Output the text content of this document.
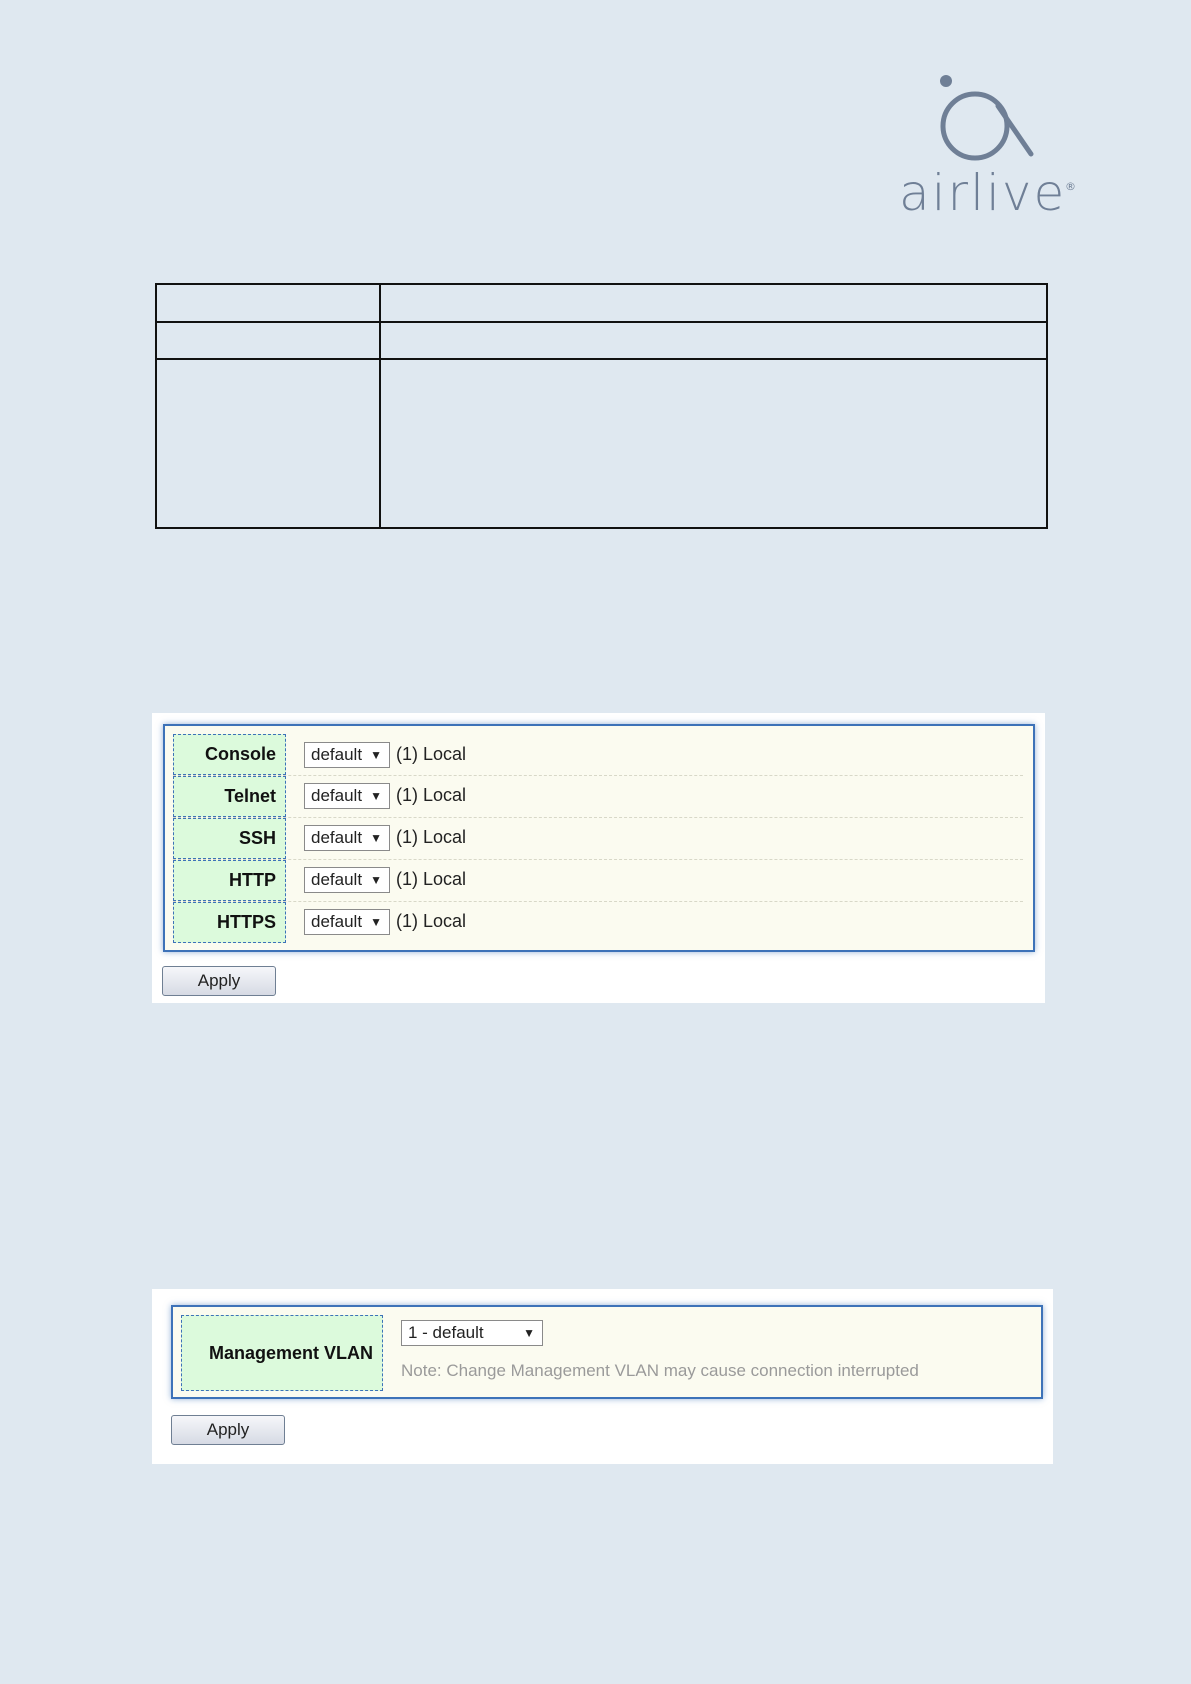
airlive
®

Console	default ▼ (1) Local
Telnet	default ▼ (1) Local
SSH	default ▼ (1) Local
HTTP	default ▼ (1) Local
HTTPS	default ▼ (1) Local
Apply
Management VLAN
1 - default	▼
Note: Change Management VLAN may cause connection interrupted
Apply
